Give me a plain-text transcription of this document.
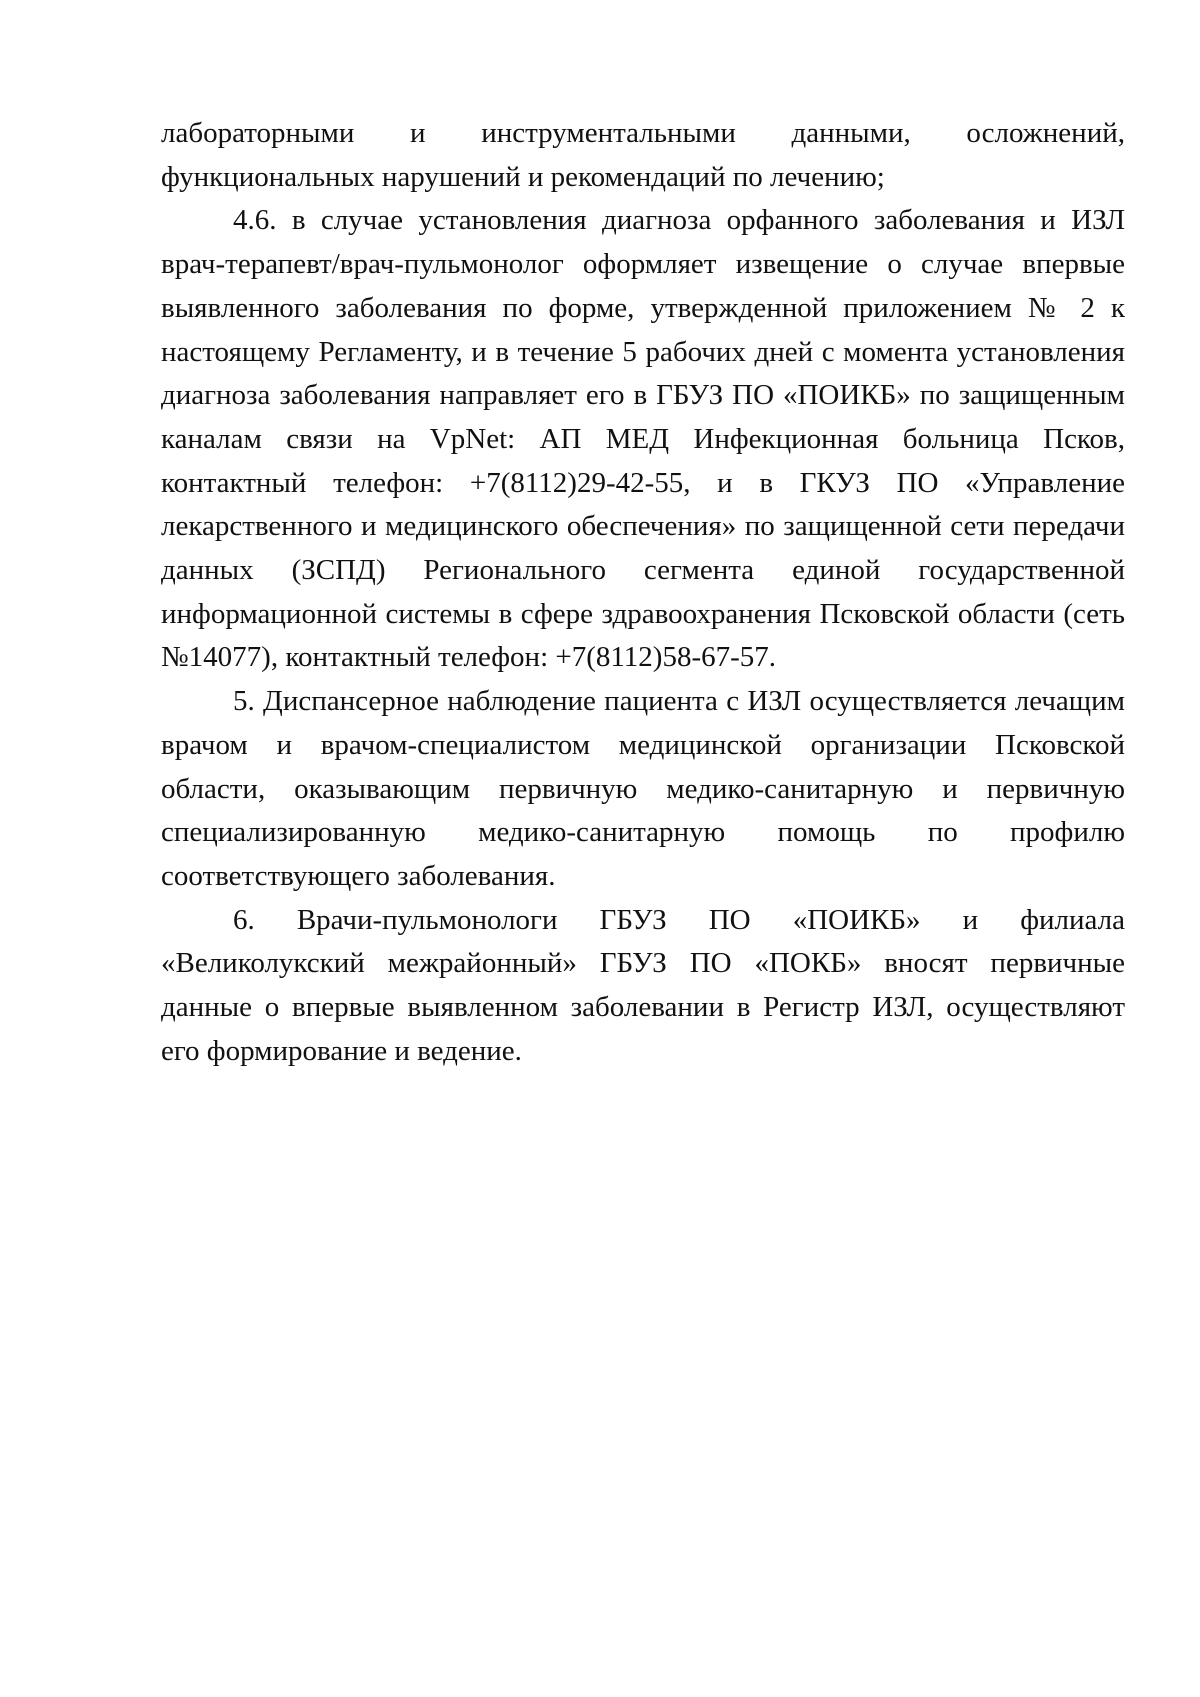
лабораторными и инструментальными данными, осложнений, функциональных нарушений и рекомендаций по лечению;

4.6. в случае установления диагноза орфанного заболевания и ИЗЛ врач-терапевт/врач-пульмонолог оформляет извещение о случае впервые выявленного заболевания по форме, утвержденной приложением № 2 к настоящему Регламенту, и в течение 5 рабочих дней с момента установления диагноза заболевания направляет его в ГБУЗ ПО «ПОИКБ» по защищенным каналам связи на VpNet: АП МЕД Инфекционная больница Псков, контактный телефон: +7(8112)29-42-55, и в ГКУЗ ПО «Управление лекарственного и медицинского обеспечения» по защищенной сети передачи данных (ЗСПД) Регионального сегмента единой государственной информационной системы в сфере здравоохранения Псковской области (сеть №14077), контактный телефон: +7(8112)58-67-57.

5. Диспансерное наблюдение пациента с ИЗЛ осуществляется лечащим врачом и врачом-специалистом медицинской организации Псковской области, оказывающим первичную медико-санитарную и первичную специализированную медико-санитарную помощь по профилю соответствующего заболевания.

6. Врачи-пульмонологи ГБУЗ ПО «ПОИКБ» и филиала «Великолукский межрайонный» ГБУЗ ПО «ПОКБ» вносят первичные данные о впервые выявленном заболевании в Регистр ИЗЛ, осуществляют его формирование и ведение.
